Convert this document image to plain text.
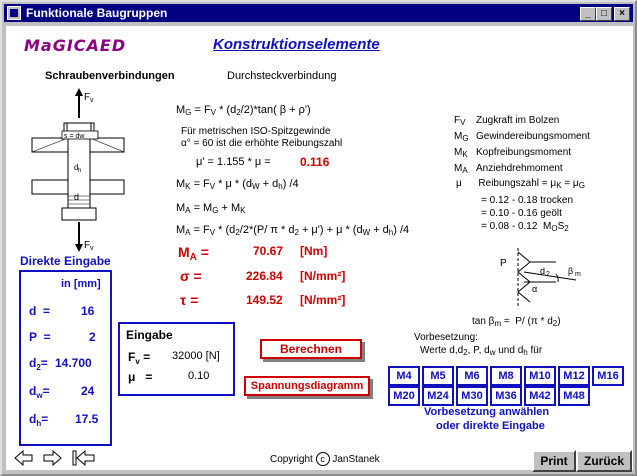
Funktionale Baugruppen	_	□	×
MaGICAED	Konstruktionselemente
Schraubenverbindungen	Durchsteckverbindung
F v
F v
s = dw
d h
d
$M_G = F_V * (d_2/2)*\tan$( β + ρ')
Für metrischen ISO-Spitzgewinde
α° = 60 ist die erhöhte Reibungszahl
μ' = 1.155 * μ = 0.116
$M_K = F_V * \mu * (d_W + d_h)$ /4
$M_A = M_G + M_K$
$M_A = F_V * (d_2/2*(P/$ $\pi * d_2 + \mu') + \mu * (d_W + d_h)$ /4
$M_A$ =	70.67 [Nm]
σ =	226.84 [N/mm²]
τ =	149.52 [N/mm²]
$F_V$ Zugkraft im Bolzen
$M_G$ Gewindereibungsmoment
$M_K$ Kopfreibungsmoment
$M_A$ Anziehdrehmoment
μ      Reibungszahl = $\mu_K = \mu_G$
= 0.12 - 0.18 trocken
= 0.10 - 0.16 geölt
= 0.08 - 0.12  $M_OS_2$
P
d 2 β m
α
$\tan \beta_m = P/$ $(\pi * d_2)$
Direkte Eingabe
in [mm]
d  =	16
P  =	2
$d_2= 14.700$
$d_w=$	24
$d_h= 17.5$
Eingabe
$F_v = 32000$ [N]
μ   =	0.10
Berechnen
Spannungsdiagramm
Vorbesetzung:
Werte $d,d_2$, P, $d_w$ und $d_h$ für
M4	M5	M6	M8	M10	M12	M16
M20	M24	M30	M36	M42	M48
Vorbesetzung anwählen
oder direkte Eingabe
Copyright c JanStanek	Print	Zurück
